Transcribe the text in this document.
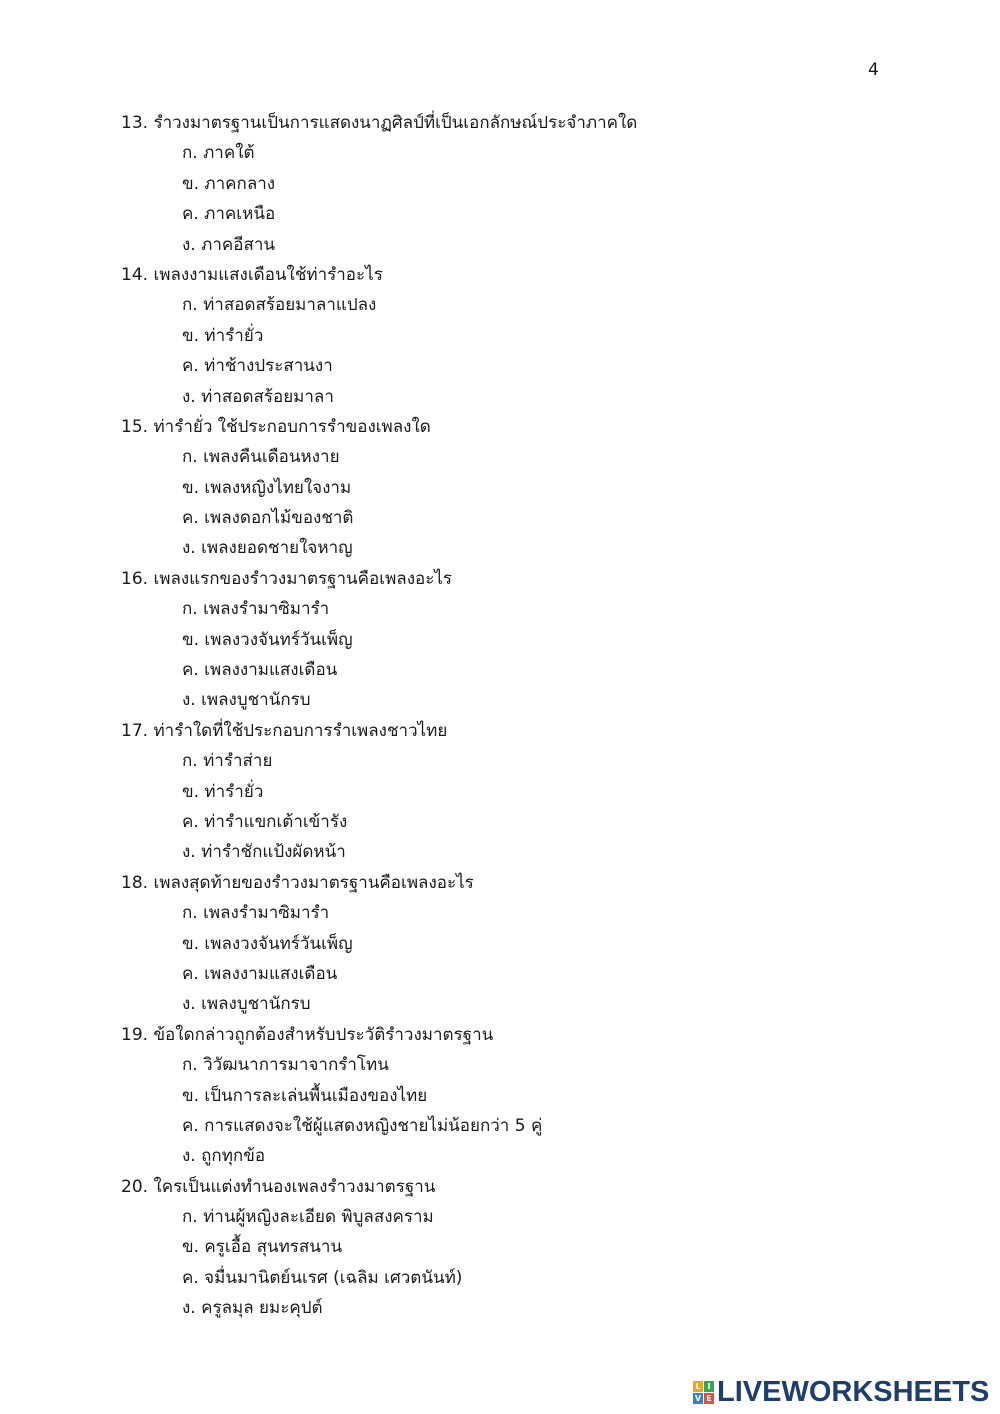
4
13. รำวงมาตรฐานเป็นการแสดงนาฏศิลป์ที่เป็นเอกลักษณ์ประจำภาคใด
ก. ภาคใต้
ข. ภาคกลาง
ค. ภาคเหนือ
ง. ภาคอีสาน
14. เพลงงามแสงเดือนใช้ท่ารำอะไร
ก. ท่าสอดสร้อยมาลาแปลง
ข. ท่ารำยั่ว
ค. ท่าช้างประสานงา
ง. ท่าสอดสร้อยมาลา
15. ท่ารำยั่ว ใช้ประกอบการรำของเพลงใด
ก. เพลงคืนเดือนหงาย
ข. เพลงหญิงไทยใจงาม
ค. เพลงดอกไม้ของชาติ
ง. เพลงยอดชายใจหาญ
16. เพลงแรกของรำวงมาตรฐานคือเพลงอะไร
ก. เพลงรำมาซิมารำ
ข. เพลงวงจันทร์วันเพ็ญ
ค. เพลงงามแสงเดือน
ง. เพลงบูชานักรบ
17. ท่ารำใดที่ใช้ประกอบการรำเพลงชาวไทย
ก. ท่ารำส่าย
ข. ท่ารำยั่ว
ค. ท่ารำแขกเต้าเข้ารัง
ง. ท่ารำชักแป้งผัดหน้า
18. เพลงสุดท้ายของรำวงมาตรฐานคือเพลงอะไร
ก. เพลงรำมาซิมารำ
ข. เพลงวงจันทร์วันเพ็ญ
ค. เพลงงามแสงเดือน
ง. เพลงบูชานักรบ
19. ข้อใดกล่าวถูกต้องสำหรับประวัติรำวงมาตรฐาน
ก. วิวัฒนาการมาจากรำโทน
ข. เป็นการละเล่นพื้นเมืองของไทย
ค. การแสดงจะใช้ผู้แสดงหญิงชายไม่น้อยกว่า 5 คู่
ง. ถูกทุกข้อ
20. ใครเป็นแต่งทำนองเพลงรำวงมาตรฐาน
ก. ท่านผู้หญิงละเอียด พิบูลสงคราม
ข. ครูเอื้อ สุนทรสนาน
ค. จมื่นมานิตย์นเรศ (เฉลิม เศวตนันท์)
ง. ครูลมุล ยมะคุปต์
L I
V E LIVEWORKSHEETS
